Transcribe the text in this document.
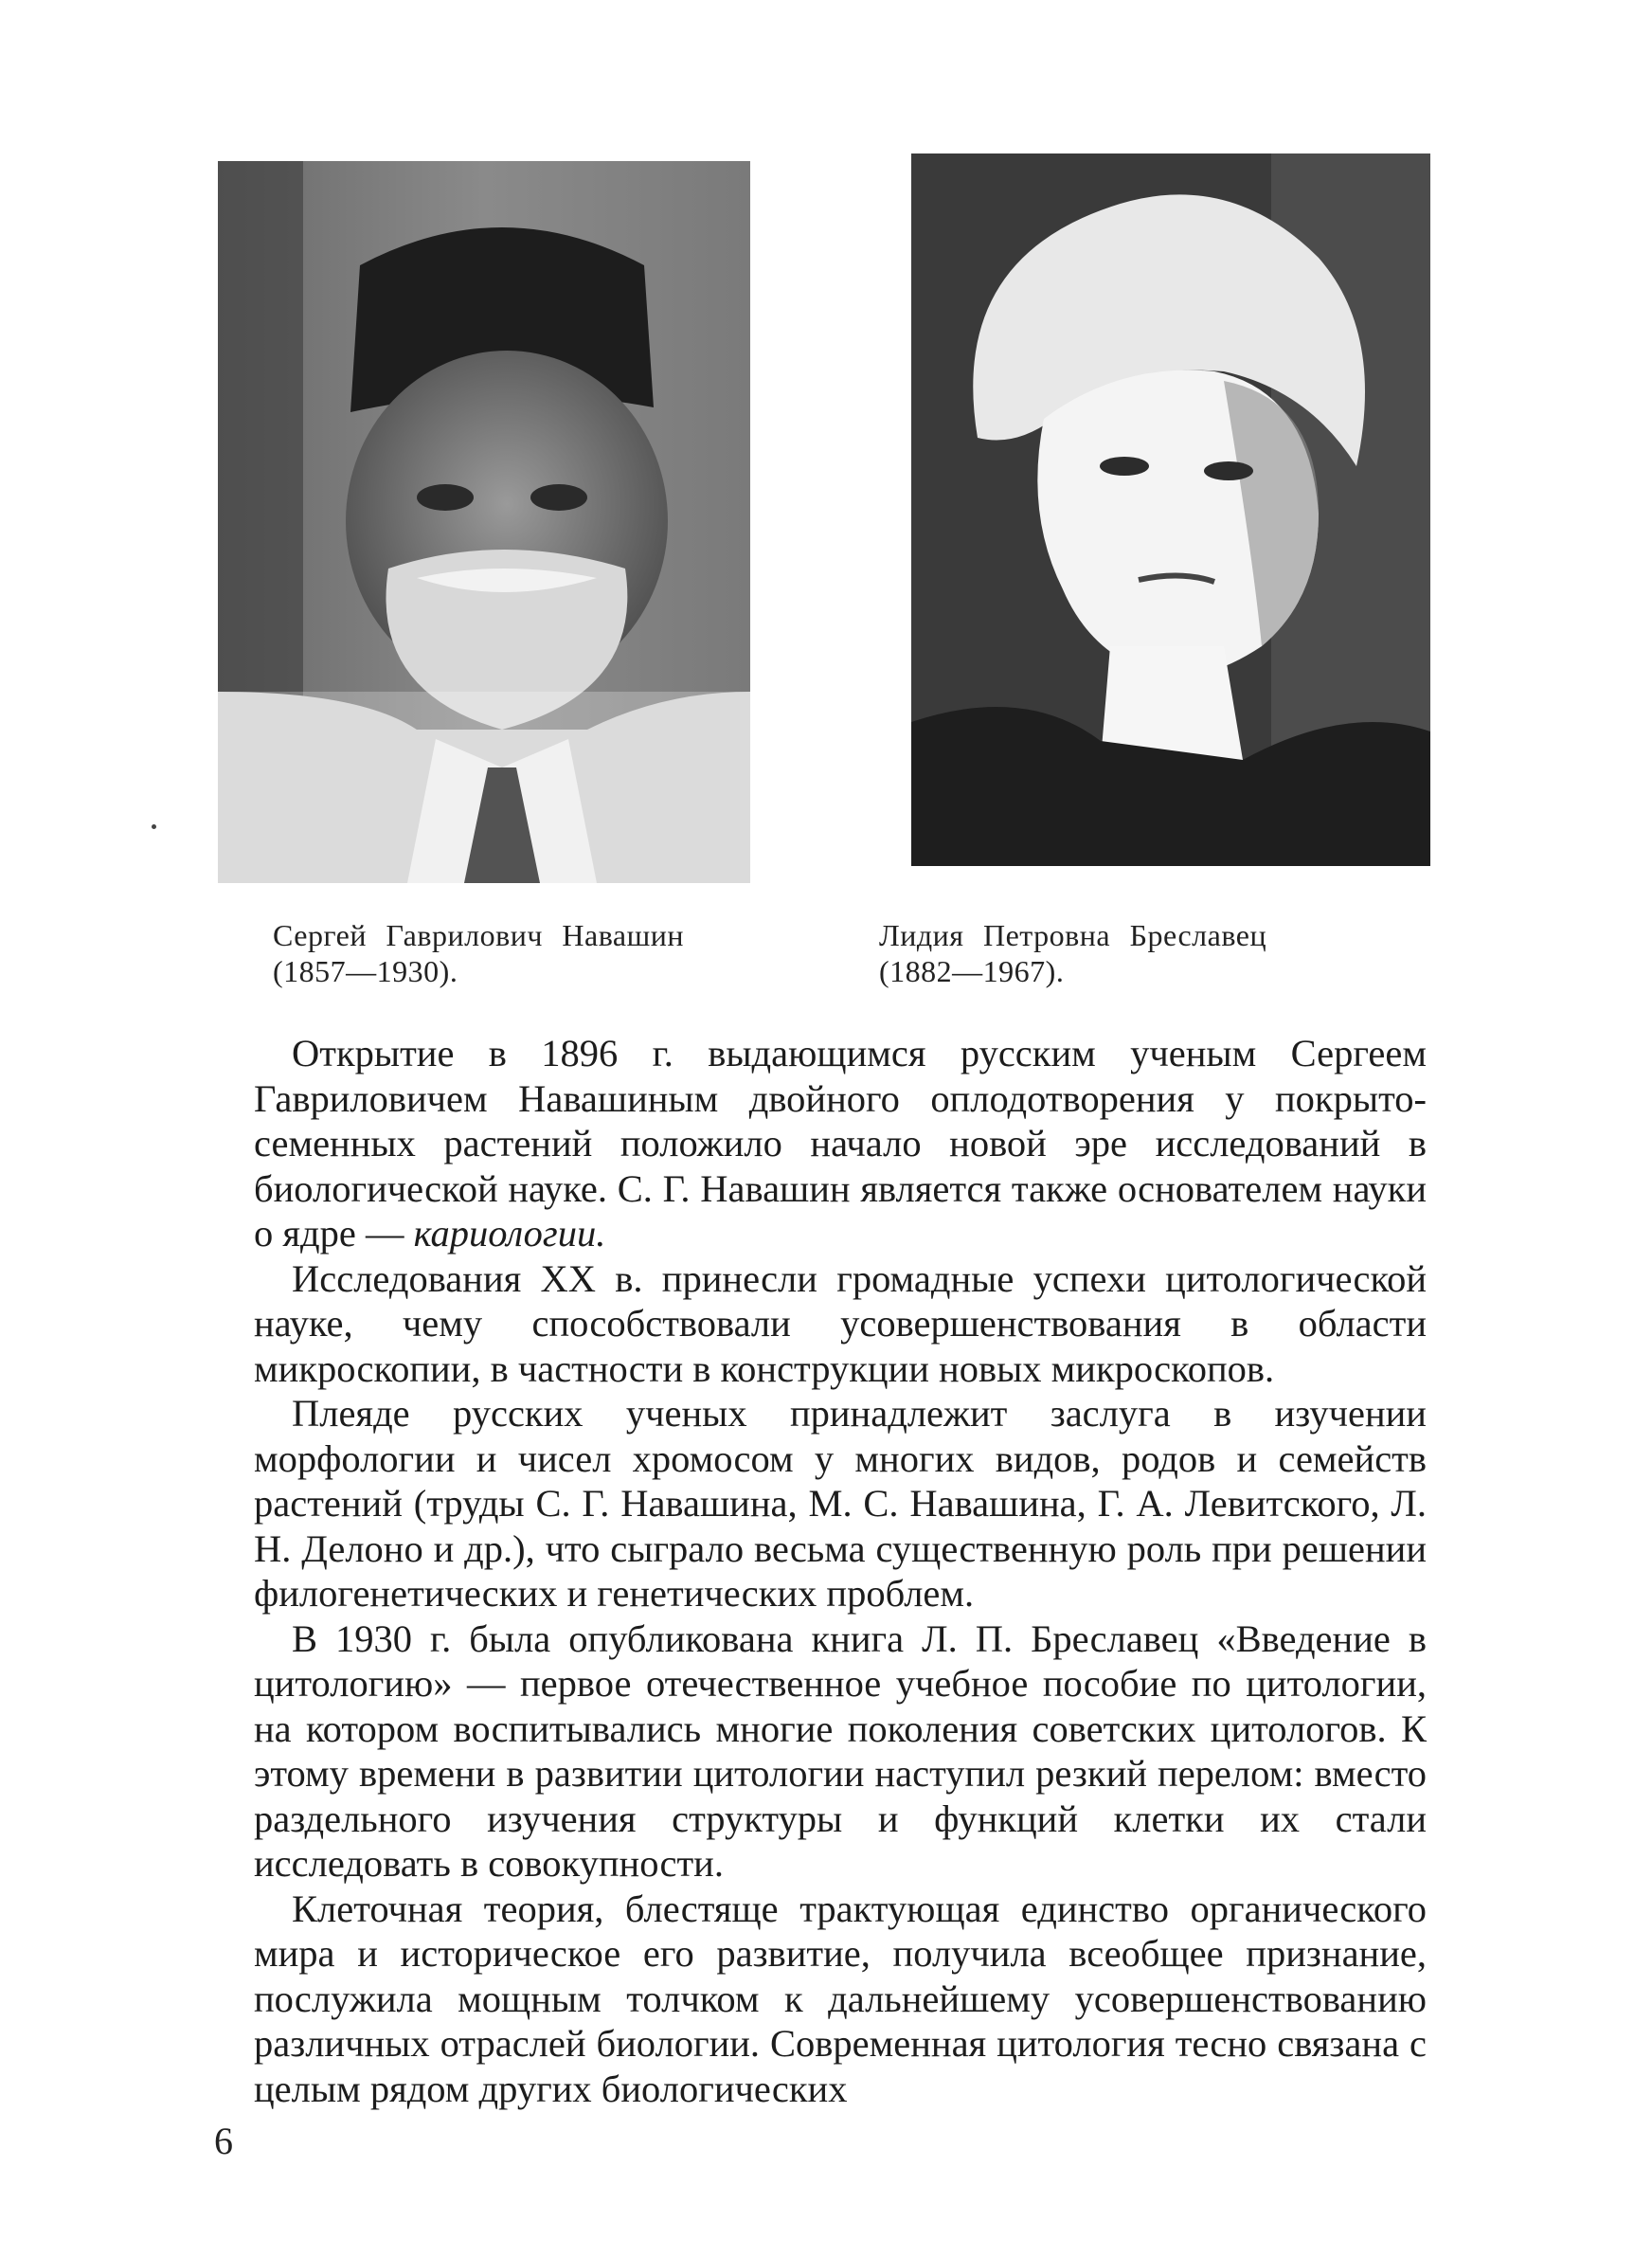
Сергей Гаврилович Навашин
(1857—1930).
Лидия Петровна Бреславец
(1882—1967).

Открытие в 1896 г. выдающимся русским ученым Сергеем Гавриловичем Навашиным двойного оплодотворения у покрытосеменных растений положило начало новой эре исследований в биологической науке. С. Г. Навашин является также основателем науки о ядре — кариологии.

Исследования XX в. принесли громадные успехи цитологической науке, чему способствовали усовершенствования в области микроскопии, в частности в конструкции новых микроскопов.

Плеяде русских ученых принадлежит заслуга в изучении морфологии и чисел хромосом у многих видов, родов и семейств растений (труды С. Г. Навашина, М. С. Навашина, Г. А. Левитского, Л. Н. Делоно и др.), что сыграло весьма существенную роль при решении филогенетических и генетических проблем.

В 1930 г. была опубликована книга Л. П. Бреславец «Введение в цитологию» — первое отечественное учебное пособие по цитологии, на котором воспитывались многие поколения советских цитологов. К этому времени в развитии цитологии наступил резкий перелом: вместо раздельного изучения структуры и функций клетки их стали исследовать в совокупности.

Клеточная теория, блестяще трактующая единство органического мира и историческое его развитие, получила всеобщее признание, послужила мощным толчком к дальнейшему усовершенствованию различных отраслей биологии. Современная цитология тесно связана с целым рядом других биологических

6
